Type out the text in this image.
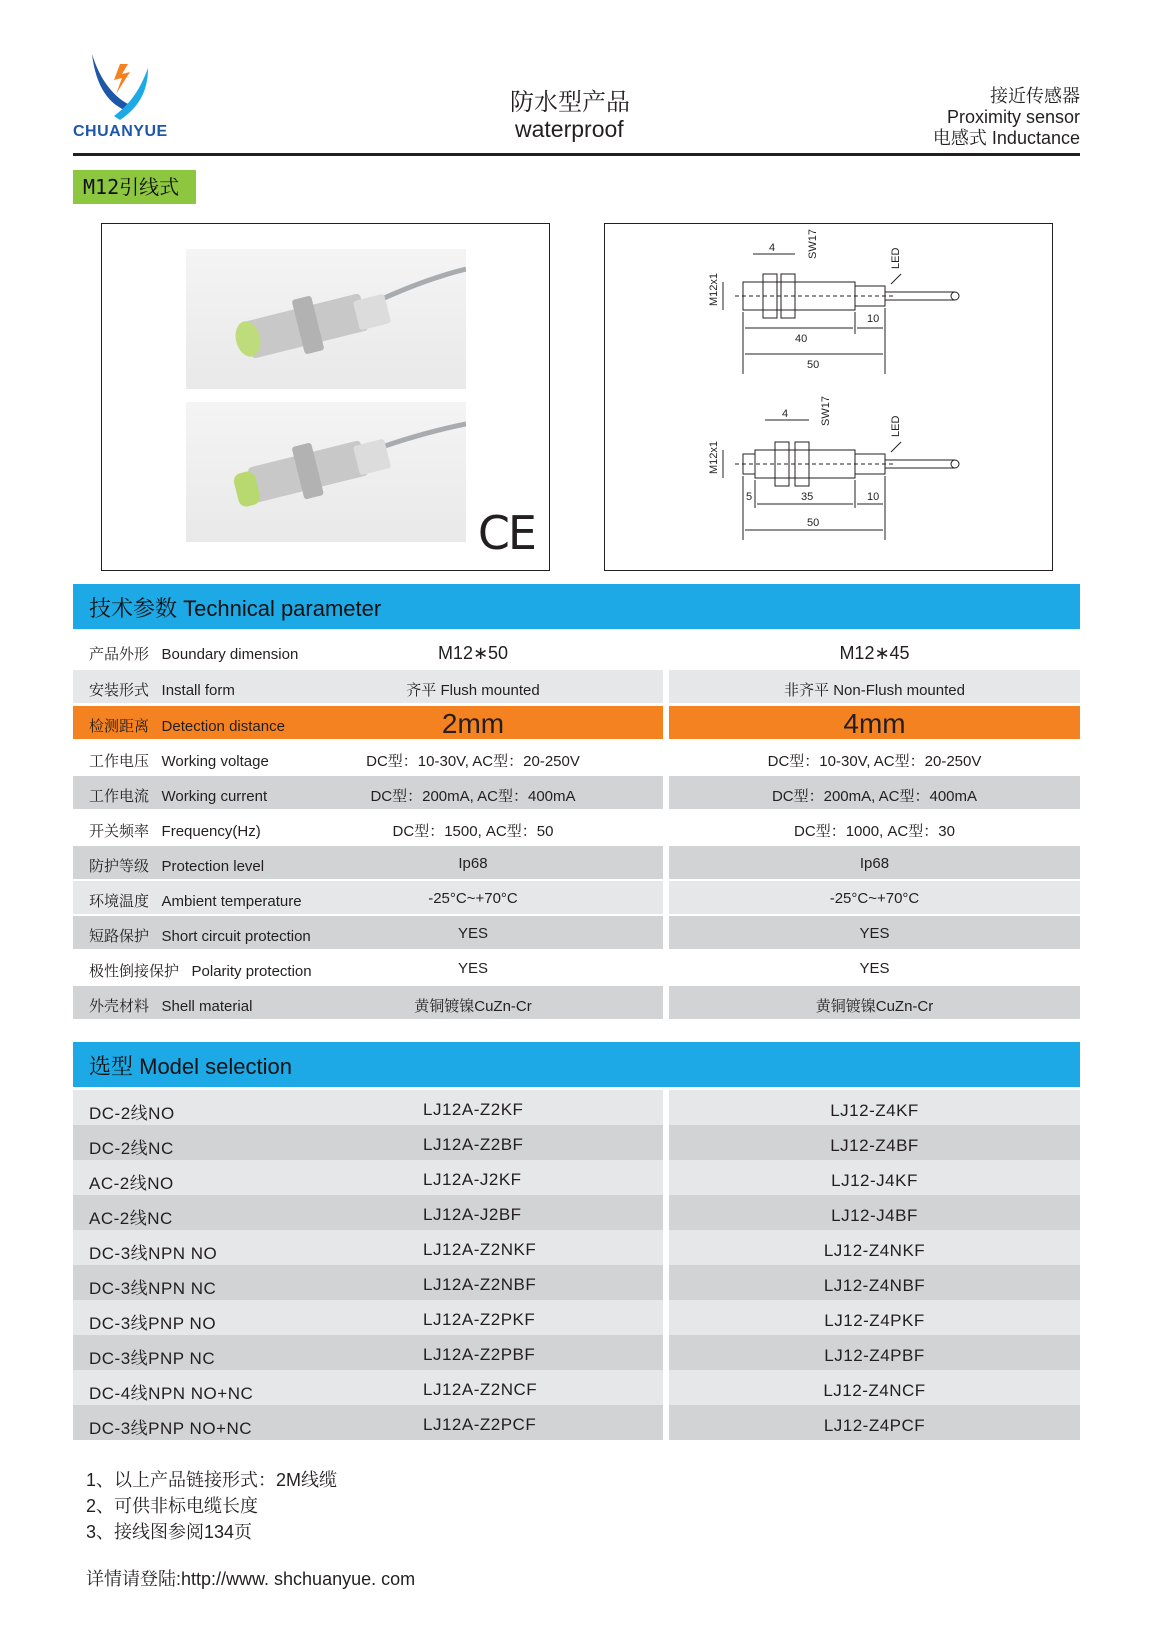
CHUANYUE
防水型产品
waterproof
接近传感器
Proximity sensor
电感式 Inductance
M12引线式
CE
M12x1
4	SW17	LED
40
10
50
M12x1
4	SW17
LED
5	35	10
50
技术参数 Technical parameter
产品外形 Boundary dimension	M12∗50	M12∗45
安装形式 Install form	齐平 Flush mounted	非齐平 Non-Flush mounted
检测距离 Detection distance	2mm	4mm
工作电压 Working voltage	DC型：10-30V, AC型：20-250V	DC型：10-30V, AC型：20-250V
工作电流 Working current	DC型：200mA, AC型：400mA	DC型：200mA, AC型：400mA
开关频率 Frequency(Hz)	DC型：1500, AC型：50	DC型：1000, AC型：30
防护等级 Protection level	Ip68	Ip68
环境温度 Ambient temperature	-25°C~+70°C	-25°C~+70°C
短路保护 Short circuit protection	YES	YES
极性倒接保护 Polarity protection	YES	YES
外壳材料 Shell material	黄铜镀镍CuZn-Cr	黄铜镀镍CuZn-Cr
选型 Model selection
DC-2线NO	LJ12A-Z2KF	LJ12-Z4KF
DC-2线NC	LJ12A-Z2BF	LJ12-Z4BF
AC-2线NO	LJ12A-J2KF	LJ12-J4KF
AC-2线NC	LJ12A-J2BF	LJ12-J4BF
DC-3线NPN NO	LJ12A-Z2NKF	LJ12-Z4NKF
DC-3线NPN NC	LJ12A-Z2NBF	LJ12-Z4NBF
DC-3线PNP NO	LJ12A-Z2PKF	LJ12-Z4PKF
DC-3线PNP NC	LJ12A-Z2PBF	LJ12-Z4PBF
DC-4线NPN NO+NC	LJ12A-Z2NCF	LJ12-Z4NCF
DC-3线PNP NO+NC	LJ12A-Z2PCF	LJ12-Z4PCF
1、以上产品链接形式：2M线缆
2、可供非标电缆长度
3、接线图参阅134页
详情请登陆:http://www. shchuanyue. com
